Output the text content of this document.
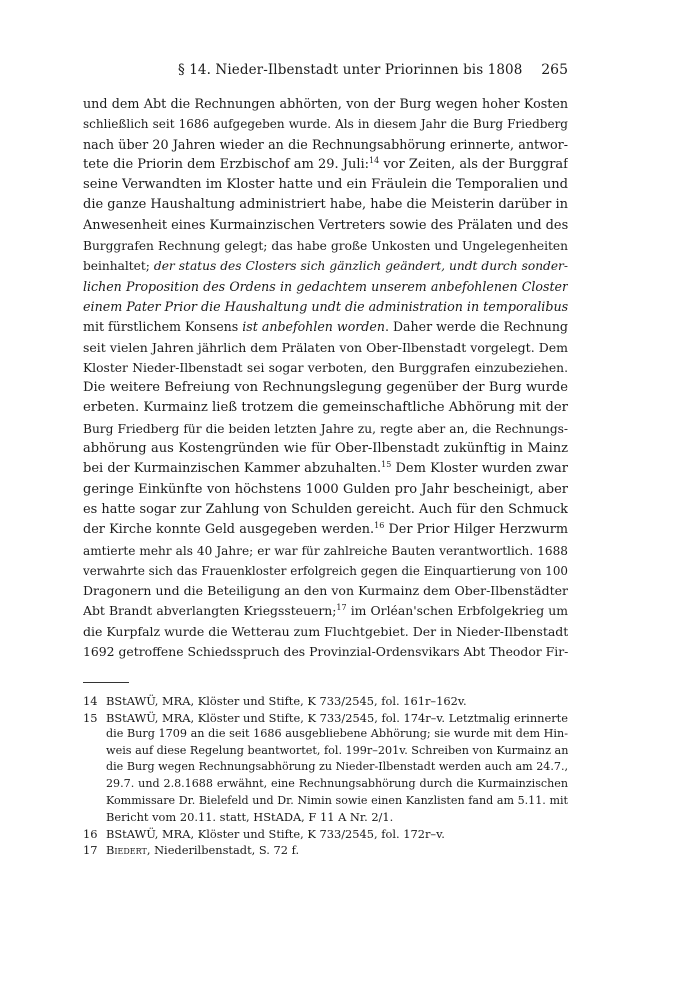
§ 14. Nieder-Ilbenstadt unter Priorinnen bis 1808 265
und dem Abt die Rechnungen abhörten, von der Burg wegen hoher Kosten
schließlich seit 1686 aufgegeben wurde. Als in diesem Jahr die Burg Friedberg
nach über 20 Jahren wieder an die Rechnungsabhörung erinnerte, antwor-
tete die Priorin dem Erzbischof am 29. Juli:$^{14}$ vor Zeiten, als der Burggraf
seine Verwandten im Kloster hatte und ein Fräulein die Temporalien und
die ganze Haushaltung administriert habe, habe die Meisterin darüber in
Anwesenheit eines Kurmainzischen Vertreters sowie des Prälaten und des
Burggrafen Rechnung gelegt; das habe große Unkosten und Ungelegenheiten
beinhaltet; der status des Closters sich gänzlich geändert, undt durch sonder-
lichen Proposition des Ordens in gedachtem unserem anbefohlenen Closter
einem Pater Prior die Haushaltung undt die administration in temporalibus
mit fürstlichem Konsens ist anbefohlen worden. Daher werde die Rechnung
seit vielen Jahren jährlich dem Prälaten von Ober-Ilbenstadt vorgelegt. Dem
Kloster Nieder-Ilbenstadt sei sogar verboten, den Burggrafen einzubeziehen.
Die weitere Befreiung von Rechnungslegung gegenüber der Burg wurde
erbeten. Kurmainz ließ trotzem die gemeinschaftliche Abhörung mit der
Burg Friedberg für die beiden letzten Jahre zu, regte aber an, die Rechnungs-
abhörung aus Kostengründen wie für Ober-Ilbenstadt zukünftig in Mainz
bei der Kurmainzischen Kammer abzuhalten.$^{15}$ Dem Kloster wurden zwar
geringe Einkünfte von höchstens 1000 Gulden pro Jahr bescheinigt, aber
es hatte sogar zur Zahlung von Schulden gereicht. Auch für den Schmuck
der Kirche konnte Geld ausgegeben werden.$^{16}$ Der Prior Hilger Herzwurm
amtierte mehr als 40 Jahre; er war für zahlreiche Bauten verantwortlich. 1688
verwahrte sich das Frauenkloster erfolgreich gegen die Einquartierung von 100
Dragonern und die Beteiligung an den von Kurmainz dem Ober-Ilbenstädter
Abt Brandt abverlangten Kriegssteuern;$^{17}$ im Orléan'schen Erbfolgekrieg um
die Kurpfalz wurde die Wetterau zum Fluchtgebiet. Der in Nieder-Ilbenstadt
1692 getroffene Schiedsspruch des Provinzial-Ordensvikars Abt Theodor Fir-
14 BStAWÜ, MRA, Klöster und Stifte, K 733/2545, fol. 161r–162v.
15 BStAWÜ, MRA, Klöster und Stifte, K 733/2545, fol. 174r–v. Letztmalig erinnerte
die Burg 1709 an die seit 1686 ausgebliebene Abhörung; sie wurde mit dem Hin-
weis auf diese Regelung beantwortet, fol. 199r–201v. Schreiben von Kurmainz an
die Burg wegen Rechnungsabhörung zu Nieder-Ilbenstadt werden auch am 24.7.,
29.7. und 2.8.1688 erwähnt, eine Rechnungsabhörung durch die Kurmainzischen
Kommissare Dr. Bielefeld und Dr. Nimin sowie einen Kanzlisten fand am 5.11. mit
Bericht vom 20.11. statt, HStADA, F 11 A Nr. 2/1.
16 BStAWÜ, MRA, Klöster und Stifte, K 733/2545, fol. 172r–v.
17 Biedert, Niederilbenstadt, S. 72 f.
